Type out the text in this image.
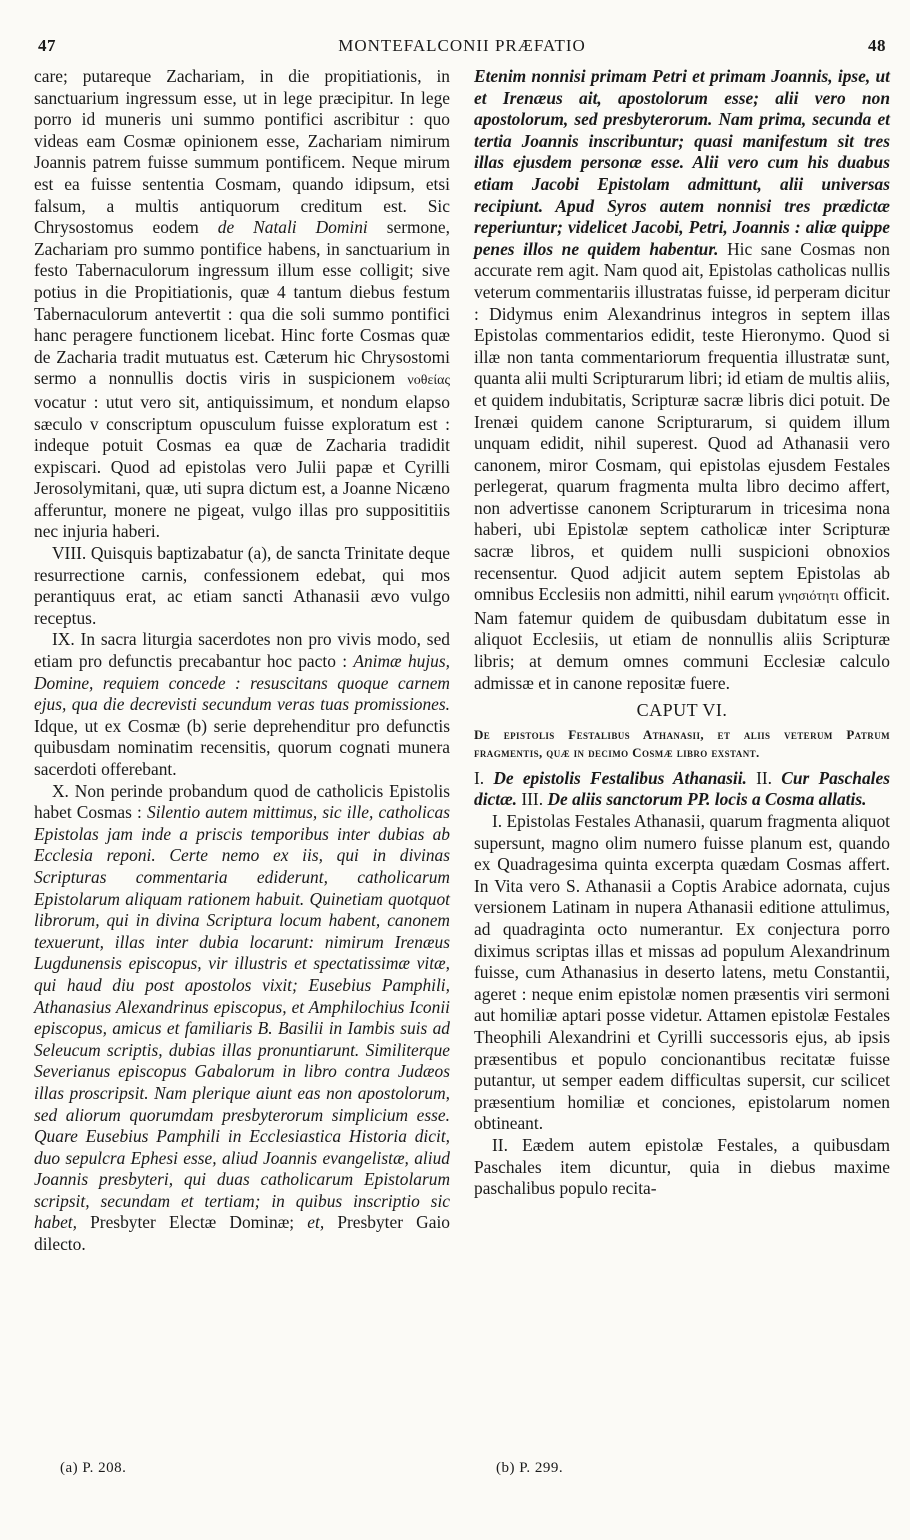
47	MONTEFALCONII PRÆFATIO	48

care; putareque Zachariam, in die propitiationis, in sanctuarium ingressum esse, ut in lege præcipitur. In lege porro id muneris uni summo pontifici ascribitur : quo videas eam Cosmæ opinionem esse, Zachariam nimirum Joannis patrem fuisse summum pontificem. Neque mirum est ea fuisse sententia Cosmam, quando idipsum, etsi falsum, a multis antiquorum creditum est. Sic Chrysostomus eodem de Natali Domini sermone, Zachariam pro summo pontifice habens, in sanctuarium in festo Tabernaculorum ingressum illum esse colligit; sive potius in die Propitiationis, quæ 4 tantum diebus festum Tabernaculorum antevertit : qua die soli summo pontifici hanc peragere functionem licebat. Hinc forte Cosmas quæ de Zacharia tradit mutuatus est. Cæterum hic Chrysostomi sermo a nonnullis doctis viris in suspicionem νοθείας vocatur : utut vero sit, antiquissimum, et nondum elapso sæculo v conscriptum opusculum fuisse exploratum est : indeque potuit Cosmas ea quæ de Zacharia tradidit expiscari. Quod ad epistolas vero Julii papæ et Cyrilli Jerosolymitani, quæ, uti supra dictum est, a Joanne Nicæno afferuntur, monere ne pigeat, vulgo illas pro supposititiis nec injuria haberi.

VIII. Quisquis baptizabatur (a), de sancta Trinitate deque resurrectione carnis, confessionem edebat, qui mos perantiquus erat, ac etiam sancti Athanasii ævo vulgo receptus.

IX. In sacra liturgia sacerdotes non pro vivis modo, sed etiam pro defunctis precabantur hoc pacto : Animæ hujus, Domine, requiem concede : resuscitans quoque carnem ejus, qua die decrevisti secundum veras tuas promissiones. Idque, ut ex Cosmæ (b) serie deprehenditur pro defunctis quibusdam nominatim recensitis, quorum cognati munera sacerdoti offerebant.

X. Non perinde probandum quod de catholicis Epistolis habet Cosmas : Silentio autem mittimus, sic ille, catholicas Epistolas jam inde a priscis temporibus inter dubias ab Ecclesia reponi. Certe nemo ex iis, qui in divinas Scripturas commentaria ediderunt, catholicarum Epistolarum aliquam rationem habuit. Quinetiam quotquot librorum, qui in divina Scriptura locum habent, canonem texuerunt, illas inter dubia locarunt: nimirum Irenæus Lugdunensis episcopus, vir illustris et spectatissimæ vitæ, qui haud diu post apostolos vixit; Eusebius Pamphili, Athanasius Alexandrinus episcopus, et Amphilochius Iconii episcopus, amicus et familiaris B. Basilii in Iambis suis ad Seleucum scriptis, dubias illas pronuntiarunt. Similiterque Severianus episcopus Gabalorum in libro contra Judæos illas proscripsit. Nam plerique aiunt eas non apostolorum, sed aliorum quorumdam presbyterorum simplicium esse. Quare Eusebius Pamphili in Ecclesiastica Historia dicit, duo sepulcra Ephesi esse, aliud Joannis evangelistæ, aliud Joannis presbyteri, qui duas catholicarum Epistolarum scripsit, secundam et tertiam; in quibus inscriptio sic habet, Presbyter Electæ Dominæ; et, Presbyter Gaio dilecto.

Etenim nonnisi primam Petri et primam Joannis, ipse, ut et Irenæus ait, apostolorum esse; alii vero non apostolorum, sed presbyterorum. Nam prima, secunda et tertia Joannis inscribuntur; quasi manifestum sit tres illas ejusdem personæ esse. Alii vero cum his duabus etiam Jacobi Epistolam admittunt, alii universas recipiunt. Apud Syros autem nonnisi tres prædictæ reperiuntur; videlicet Jacobi, Petri, Joannis : aliæ quippe penes illos ne quidem habentur. Hic sane Cosmas non accurate rem agit. Nam quod ait, Epistolas catholicas nullis veterum commentariis illustratas fuisse, id perperam dicitur : Didymus enim Alexandrinus integros in septem illas Epistolas commentarios edidit, teste Hieronymo. Quod si illæ non tanta commentariorum frequentia illustratæ sunt, quanta alii multi Scripturarum libri; id etiam de multis aliis, et quidem indubitatis, Scripturæ sacræ libris dici potuit. De Irenæi quidem canone Scripturarum, si quidem illum unquam edidit, nihil superest. Quod ad Athanasii vero canonem, miror Cosmam, qui epistolas ejusdem Festales perlegerat, quarum fragmenta multa libro decimo affert, non advertisse canonem Scripturarum in tricesima nona haberi, ubi Epistolæ septem catholicæ inter Scripturæ sacræ libros, et quidem nulli suspicioni obnoxios recensentur. Quod adjicit autem septem Epistolas ab omnibus Ecclesiis non admitti, nihil earum γνησιότητι officit. Nam fatemur quidem de quibusdam dubitatum esse in aliquot Ecclesiis, ut etiam de nonnullis aliis Scripturæ libris; at demum omnes communi Ecclesiæ calculo admissæ et in canone repositæ fuere.

CAPUT VI.
De epistolis Festalibus Athanasii, et aliis veterum Patrum fragmentis, quæ in decimo Cosmæ libro exstant.

I. De epistolis Festalibus Athanasii. II. Cur Paschales dictæ. III. De aliis sanctorum PP. locis a Cosma allatis.

I. Epistolas Festales Athanasii, quarum fragmenta aliquot supersunt, magno olim numero fuisse planum est, quando ex Quadragesima quinta excerpta quædam Cosmas affert. In Vita vero S. Athanasii a Coptis Arabice adornata, cujus versionem Latinam in nupera Athanasii editione attulimus, ad quadraginta octo numerantur. Ex conjectura porro diximus scriptas illas et missas ad populum Alexandrinum fuisse, cum Athanasius in deserto latens, metu Constantii, ageret : neque enim epistolæ nomen præsentis viri sermoni aut homiliæ aptari posse videtur. Attamen epistolæ Festales Theophili Alexandrini et Cyrilli successoris ejus, ab ipsis præsentibus et populo concionantibus recitatæ fuisse putantur, ut semper eadem difficultas supersit, cur scilicet præsentium homiliæ et conciones, epistolarum nomen obtineant.

II. Eædem autem epistolæ Festales, a quibusdam Paschales item dicuntur, quia in diebus maxime paschalibus populo recita-

(a) P. 208.	(b) P. 299.
